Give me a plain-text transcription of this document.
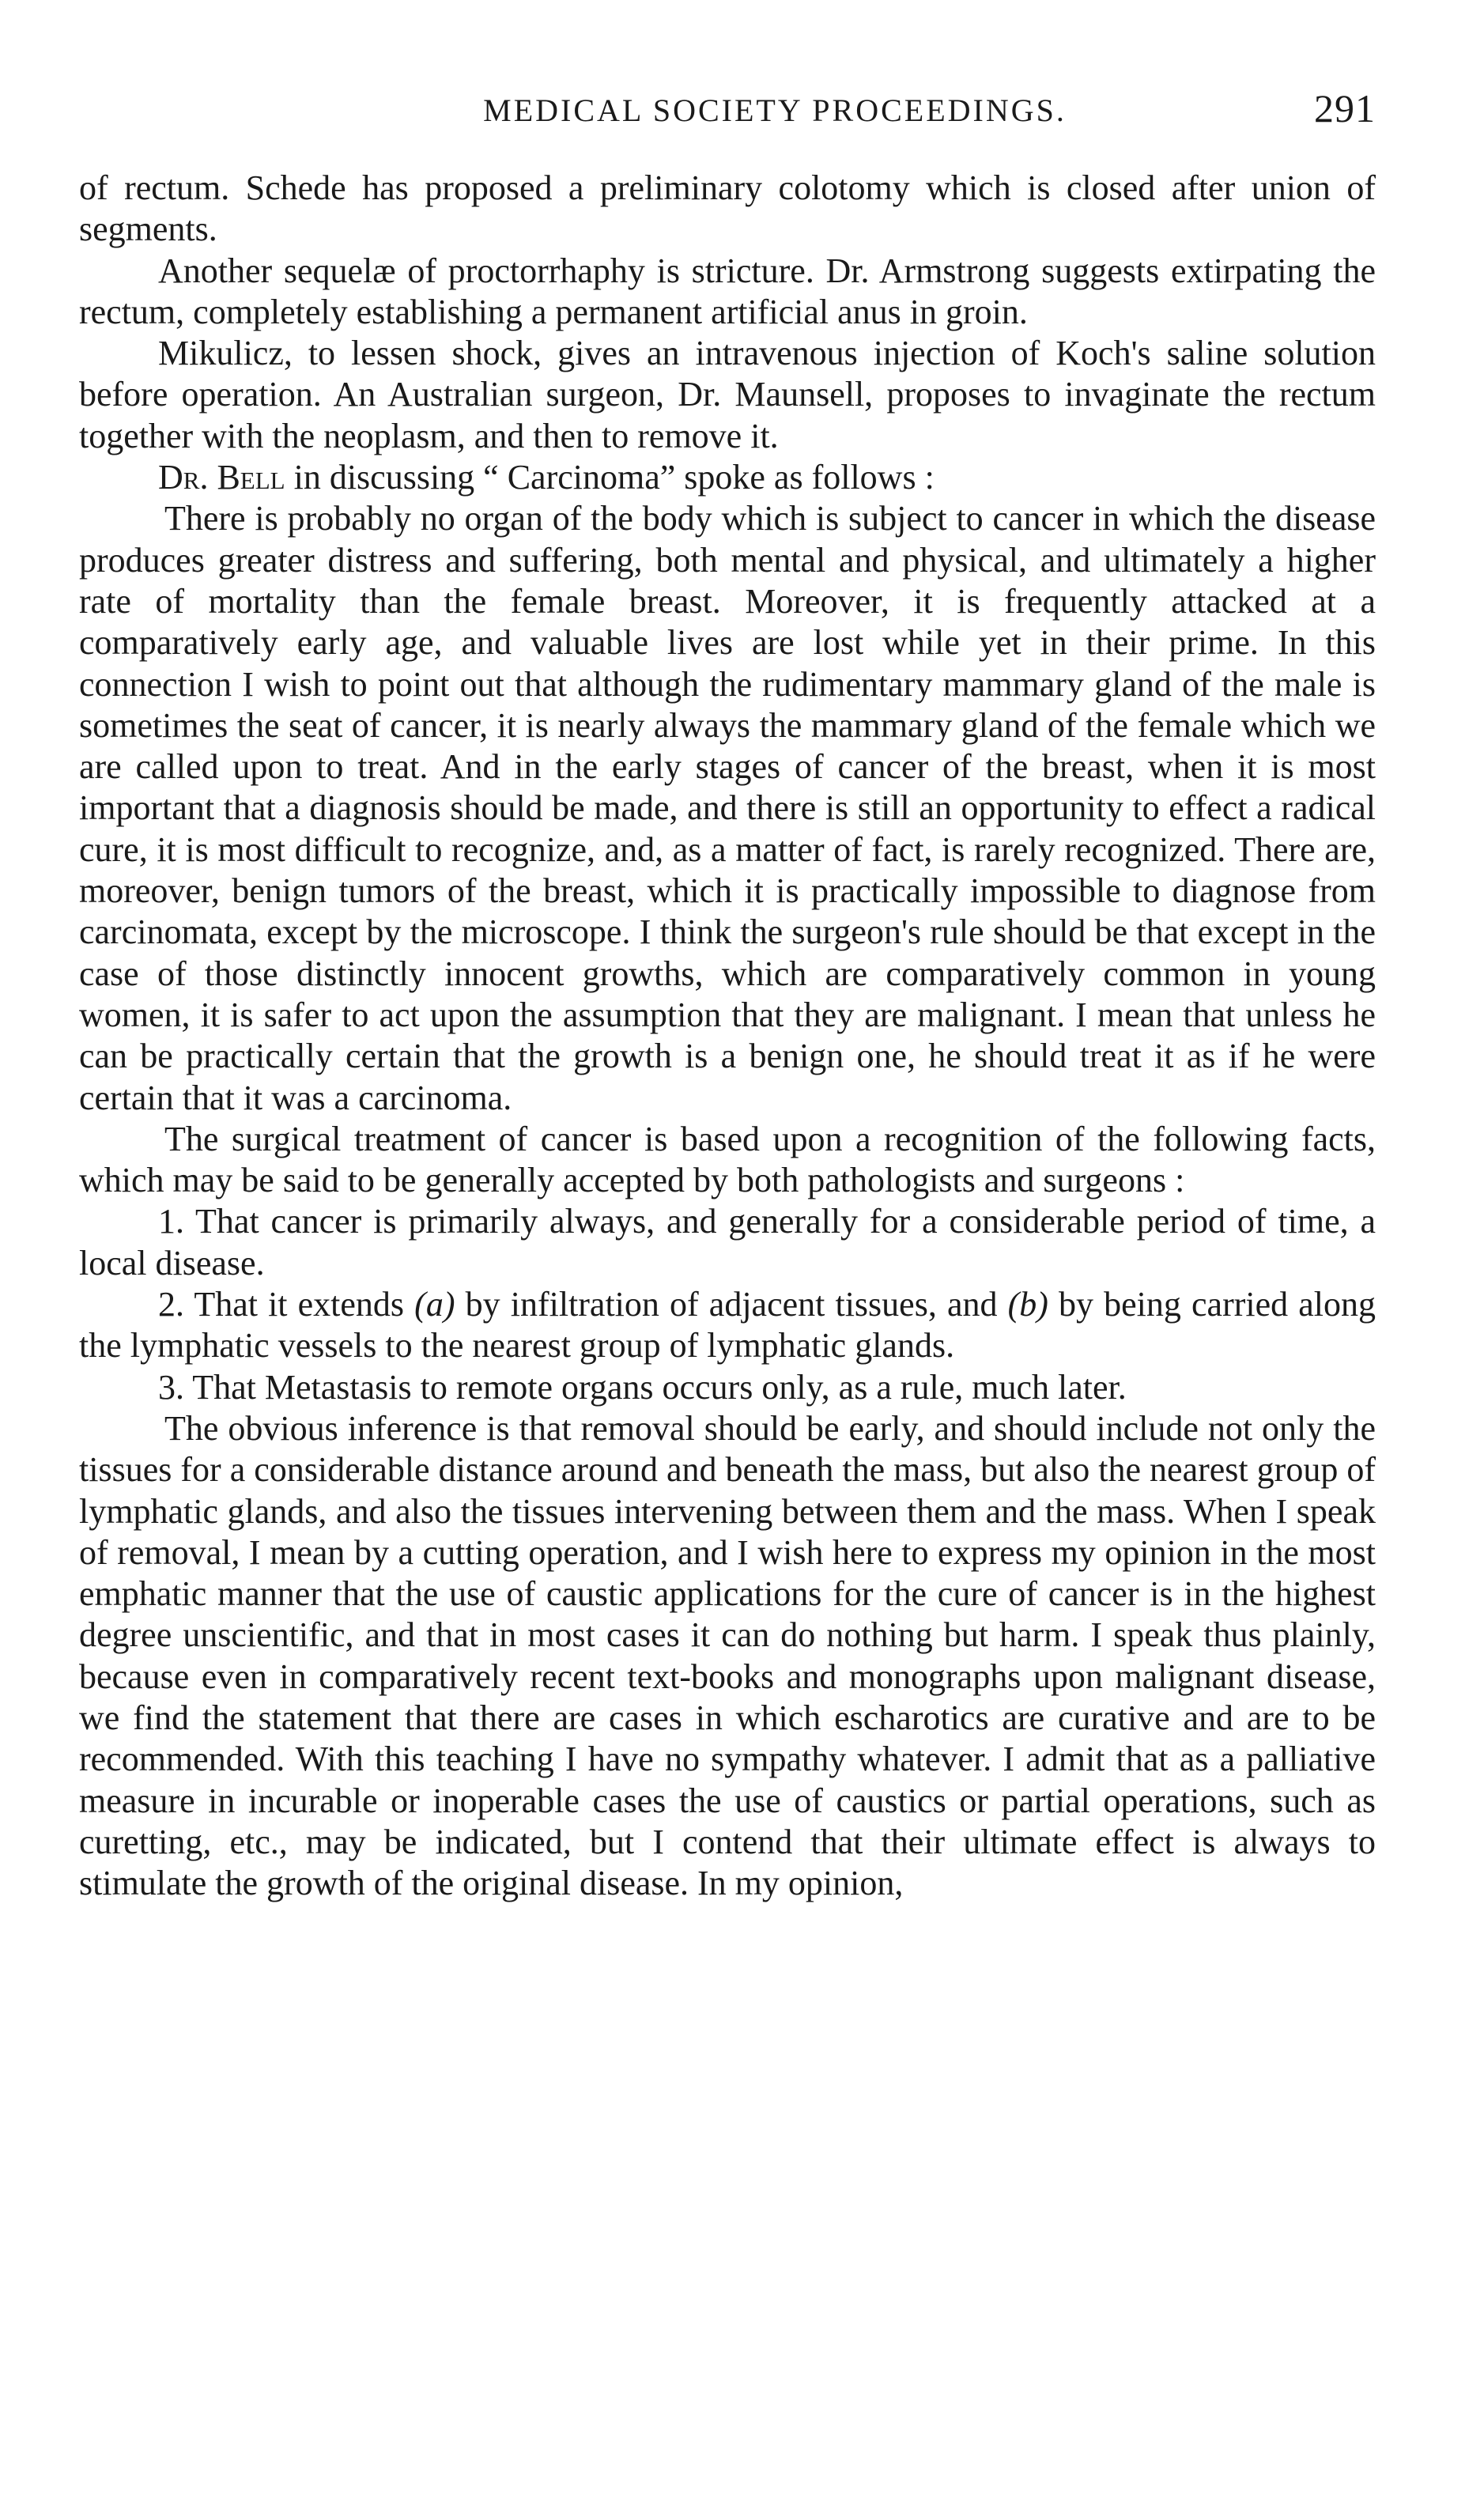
MEDICAL SOCIETY PROCEEDINGS.	291

of rectum. Schede has proposed a preliminary colotomy which is closed after union of segments.

Another sequelæ of proctorrhaphy is stricture. Dr. Armstrong suggests extirpating the rectum, completely establishing a permanent artificial anus in groin.

Mikulicz, to lessen shock, gives an intravenous injection of Koch's saline solution before operation. An Australian surgeon, Dr. Maunsell, proposes to invaginate the rectum together with the neoplasm, and then to remove it.

Dr. Bell in discussing “ Carcinoma” spoke as follows :

There is probably no organ of the body which is subject to cancer in which the disease produces greater distress and suffering, both mental and physical, and ultimately a higher rate of mortality than the female breast. Moreover, it is frequently attacked at a comparatively early age, and valuable lives are lost while yet in their prime. In this connection I wish to point out that although the rudimentary mammary gland of the male is sometimes the seat of cancer, it is nearly always the mammary gland of the female which we are called upon to treat. And in the early stages of cancer of the breast, when it is most important that a diagnosis should be made, and there is still an opportunity to effect a radical cure, it is most difficult to recognize, and, as a matter of fact, is rarely recognized. There are, moreover, benign tumors of the breast, which it is practically impossible to diagnose from carcinomata, except by the microscope. I think the surgeon's rule should be that except in the case of those distinctly innocent growths, which are comparatively common in young women, it is safer to act upon the assumption that they are malignant. I mean that unless he can be practically certain that the growth is a benign one, he should treat it as if he were certain that it was a carcinoma.

The surgical treatment of cancer is based upon a recognition of the following facts, which may be said to be generally accepted by both pathologists and surgeons :

1. That cancer is primarily always, and generally for a considerable period of time, a local disease.

2. That it extends (a) by infiltration of adjacent tissues, and (b) by being carried along the lymphatic vessels to the nearest group of lymphatic glands.

3. That Metastasis to remote organs occurs only, as a rule, much later.

The obvious inference is that removal should be early, and should include not only the tissues for a considerable distance around and beneath the mass, but also the nearest group of lymphatic glands, and also the tissues intervening between them and the mass. When I speak of removal, I mean by a cutting operation, and I wish here to express my opinion in the most emphatic manner that the use of caustic applications for the cure of cancer is in the highest degree unscientific, and that in most cases it can do nothing but harm. I speak thus plainly, because even in comparatively recent text-books and monographs upon malignant disease, we find the statement that there are cases in which escharotics are curative and are to be recommended. With this teaching I have no sympathy whatever. I admit that as a palliative measure in incurable or inoperable cases the use of caustics or partial operations, such as curetting, etc., may be indicated, but I contend that their ultimate effect is always to stimulate the growth of the original disease. In my opinion,
